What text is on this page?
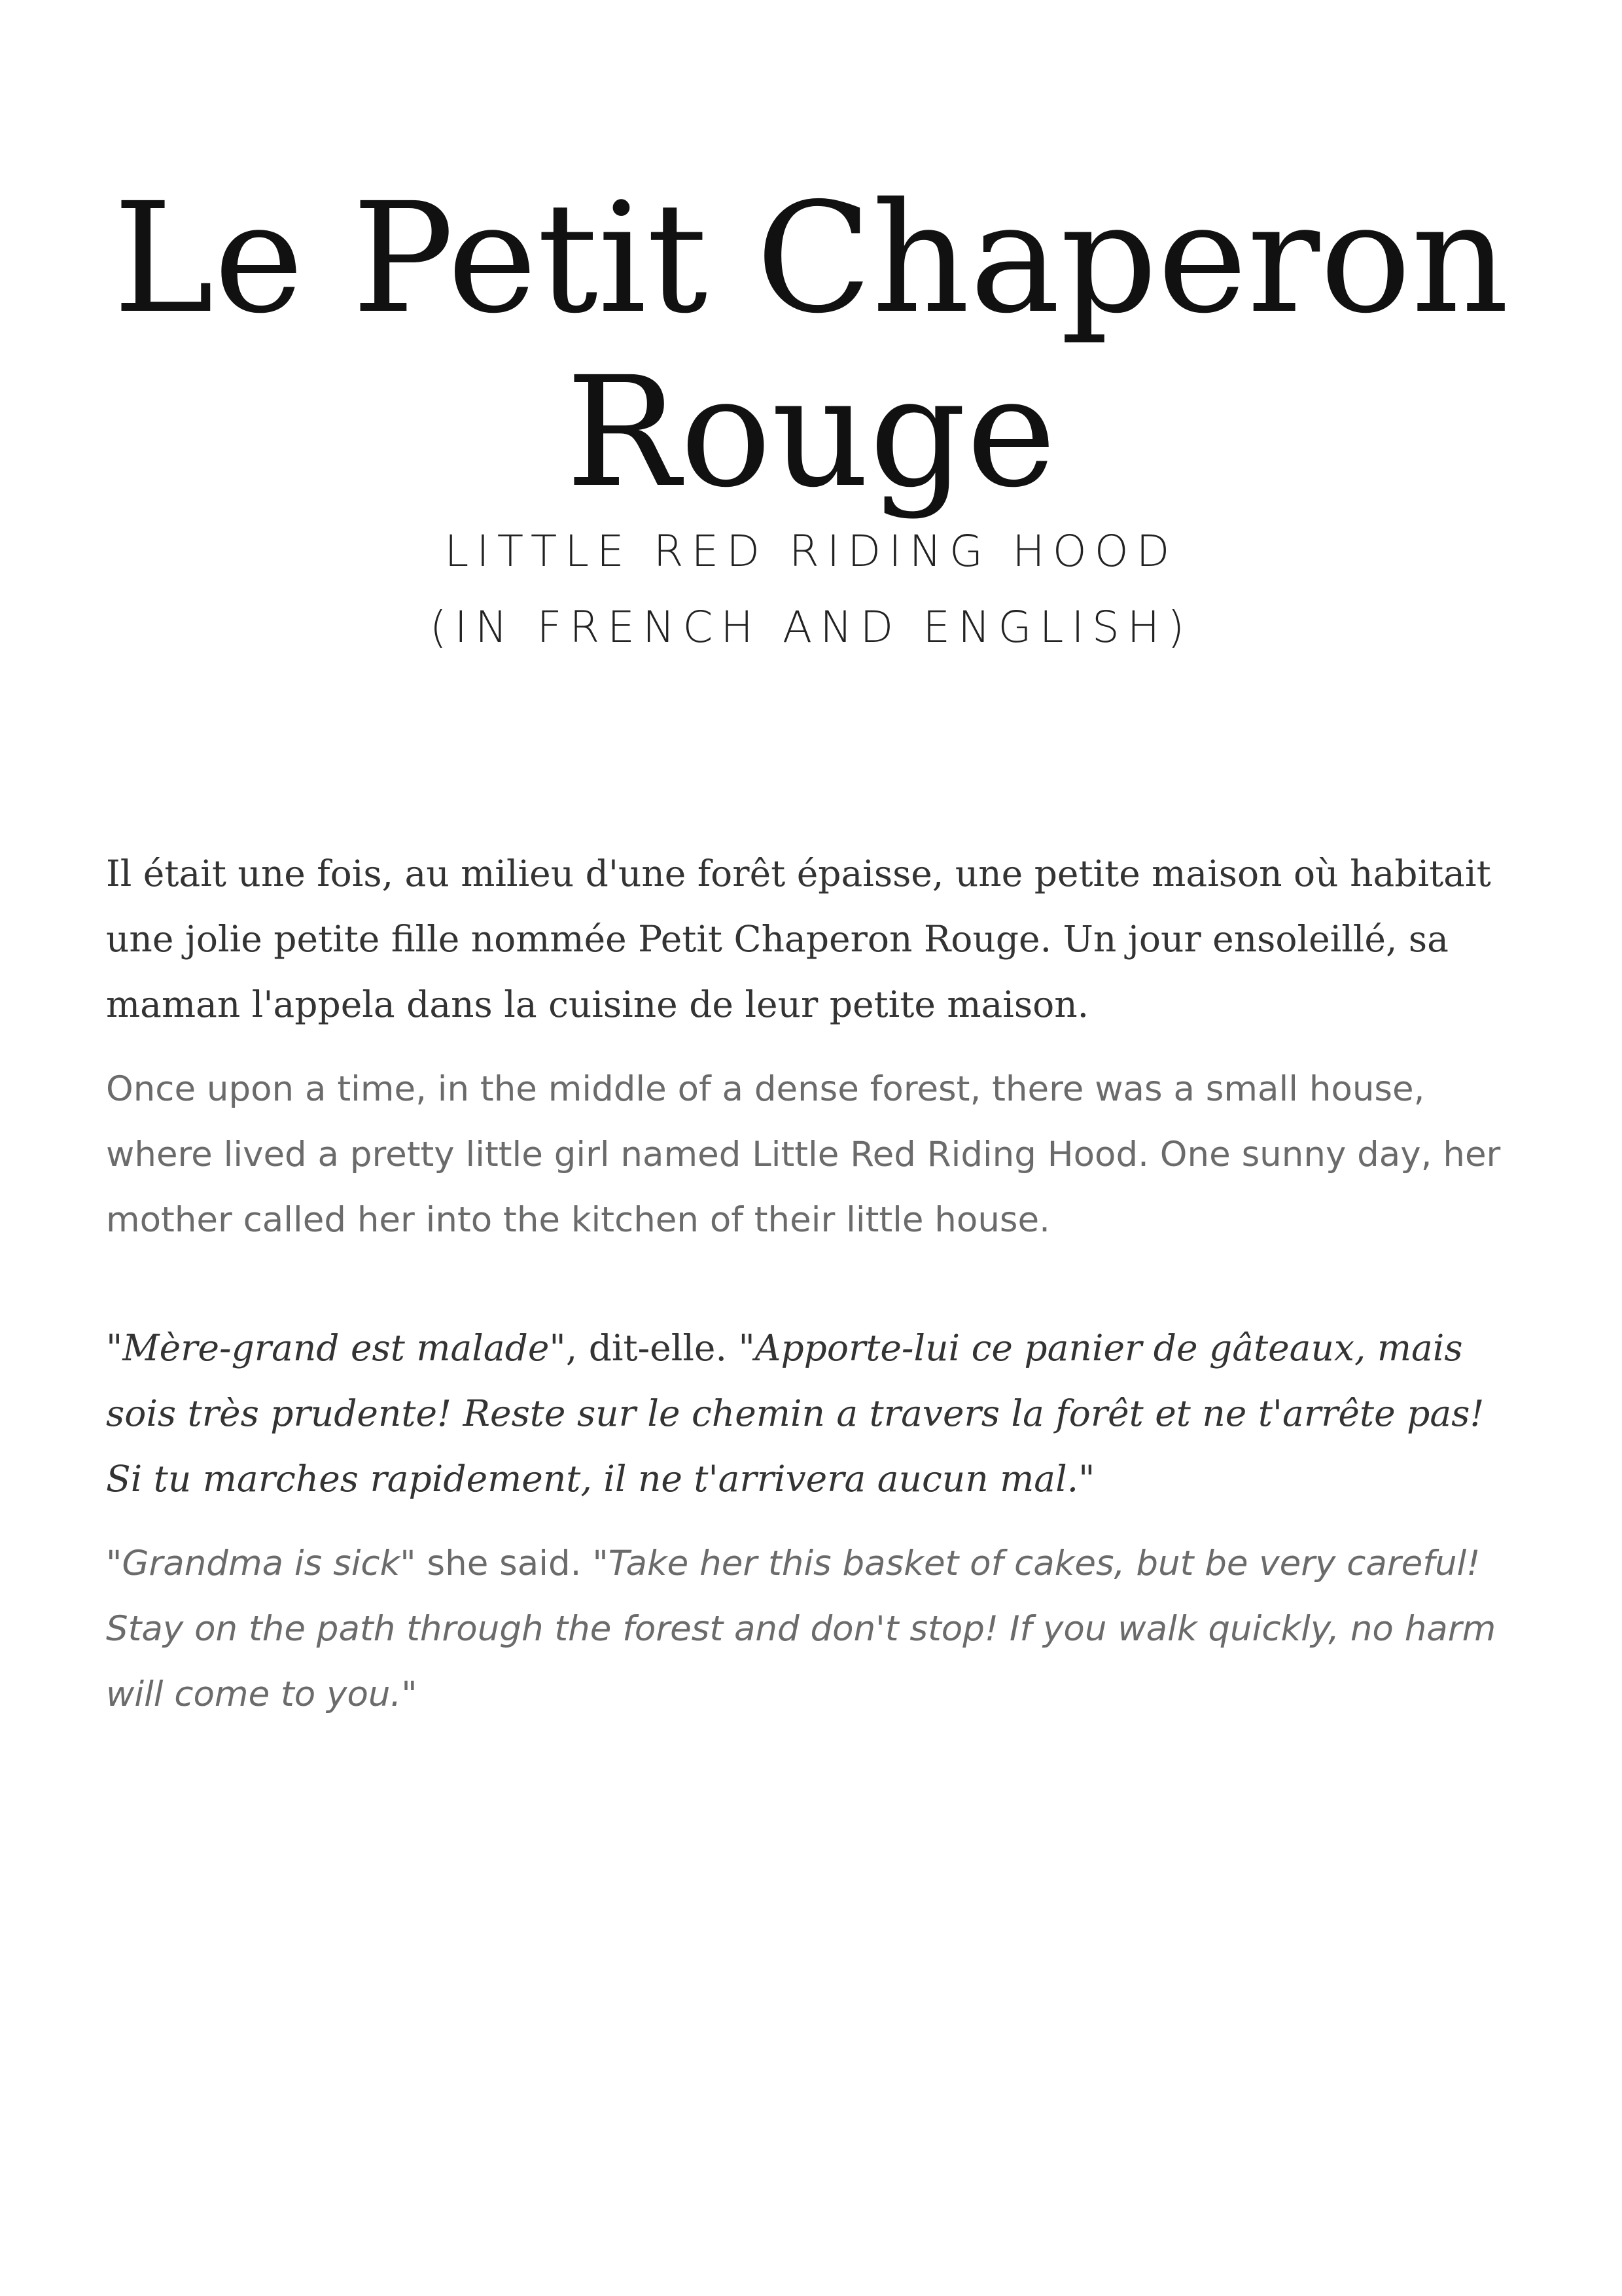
Le Petit Chaperon
Rouge
LITTLE RED RIDING HOOD
(IN FRENCH AND ENGLISH)

Il était une fois, au milieu d'une forêt épaisse, une petite maison où habitait une jolie petite fille nommée Petit Chaperon Rouge. Un jour ensoleillé, sa maman l'appela dans la cuisine de leur petite maison.

Once upon a time, in the middle of a dense forest, there was a small house, where lived a pretty little girl named Little Red Riding Hood. One sunny day, her mother called her into the kitchen of their little house.

"Mère-grand est malade", dit-elle. "Apporte-lui ce panier de gâteaux, mais sois très prudente! Reste sur le chemin a travers la forêt et ne t'arrête pas! Si tu marches rapidement, il ne t'arrivera aucun mal."

"Grandma is sick" she said. "Take her this basket of cakes, but be very careful! Stay on the path through the forest and don't stop! If you walk quickly, no harm will come to you."
